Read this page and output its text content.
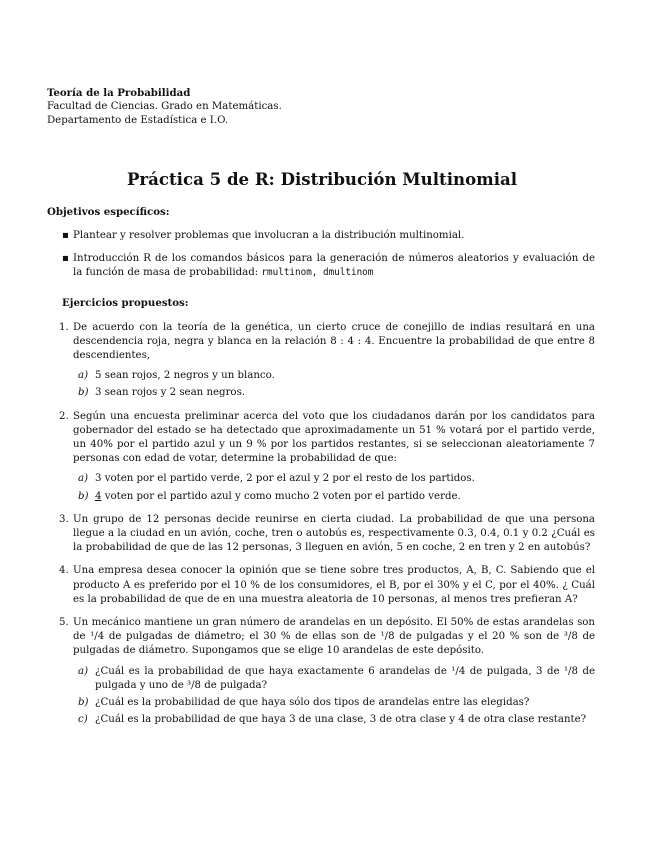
Teoría de la Probabilidad
Facultad de Ciencias. Grado en Matemáticas.
Departamento de Estadística e I.O.
Práctica 5 de R: Distribución Multinomial
Objetivos específicos:
▪ Plantear y resolver problemas que involucran a la distribución multinomial.
▪ Introducción R de los comandos básicos para la generación de números aleatorios y evaluación de la función de masa de probabilidad: rmultinom, dmultinom
Ejercicios propuestos:
1. De acuerdo con la teoría de la genética, un cierto cruce de conejillo de indias resultará en una descendencia roja, negra y blanca en la relación 8 : 4 : 4. Encuentre la probabilidad de que entre 8 descendientes,
a) 5 sean rojos, 2 negros y un blanco.
b) 3 sean rojos y 2 sean negros.
2. Según una encuesta preliminar acerca del voto que los ciudadanos darán por los candidatos para gobernador del estado se ha detectado que aproximadamente un 51 % votará por el partido verde, un 40% por el partido azul y un 9 % por los partidos restantes, si se seleccionan aleatoriamente 7 personas con edad de votar, determine la probabilidad de que:
a) 3 voten por el partido verde, 2 por el azul y 2 por el resto de los partidos.
b) 4 voten por el partido azul y como mucho 2 voten por el partido verde.
3. Un grupo de 12 personas decide reunirse en cierta ciudad. La probabilidad de que una persona llegue a la ciudad en un avión, coche, tren o autobús es, respectivamente 0.3, 0.4, 0.1 y 0.2 ¿Cuál es la probabilidad de que de las 12 personas, 3 lleguen en avión, 5 en coche, 2 en tren y 2 en autobús?
4. Una empresa desea conocer la opinión que se tiene sobre tres productos, A, B, C. Sabiendo que el producto A es preferido por el 10 % de los consumidores, el B, por el 30% y el C, por el 40%. ¿ Cuál es la probabilidad de que de en una muestra aleatoria de 10 personas, al menos tres prefieran A?
5. Un mecánico mantiene un gran número de arandelas en un depósito. El 50% de estas arandelas son de ¹/4 de pulgadas de diámetro; el 30 % de ellas son de ¹/8 de pulgadas y el 20 % son de ³/8 de pulgadas de diámetro. Supongamos que se elige 10 arandelas de este depósito.
a) ¿Cuál es la probabilidad de que haya exactamente 6 arandelas de ¹/4 de pulgada, 3 de ¹/8 de pulgada y uno de ³/8 de pulgada?
b) ¿Cuál es la probabilidad de que haya sólo dos tipos de arandelas entre las elegidas?
c) ¿Cuál es la probabilidad de que haya 3 de una clase, 3 de otra clase y 4 de otra clase restante?
